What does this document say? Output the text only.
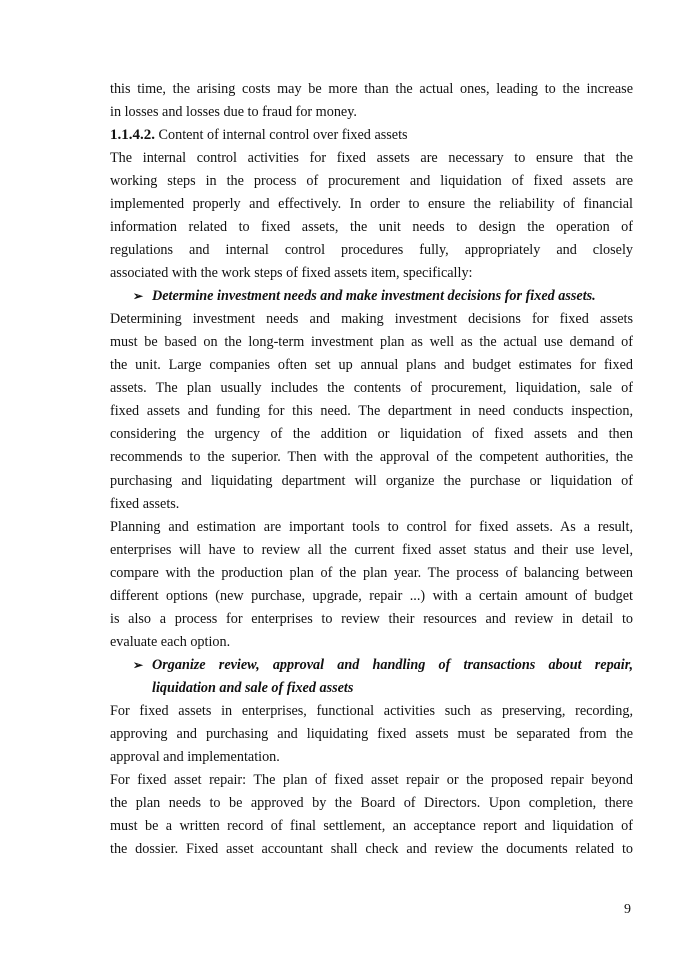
this time, the arising costs may be more than the actual ones, leading to the increase
in losses and losses due to fraud for money.
1.1.4.2. Content of internal control over fixed assets
The internal control activities for fixed assets are necessary to ensure that the
working steps in the process of procurement and liquidation of fixed assets are
implemented properly and effectively. In order to ensure the reliability of financial
information related to fixed assets, the unit needs to design the operation of
regulations and internal control procedures fully, appropriately and closely
associated with the work steps of fixed assets item, specifically:
➢ Determine investment needs and make investment decisions for fixed assets.
Determining investment needs and making investment decisions for fixed assets
must be based on the long-term investment plan as well as the actual use demand of
the unit. Large companies often set up annual plans and budget estimates for fixed
assets. The plan usually includes the contents of procurement, liquidation, sale of
fixed assets and funding for this need. The department in need conducts inspection,
considering the urgency of the addition or liquidation of fixed assets and then
recommends to the superior. Then with the approval of the competent authorities, the
purchasing and liquidating department will organize the purchase or liquidation of
fixed assets.
Planning and estimation are important tools to control for fixed assets. As a result,
enterprises will have to review all the current fixed asset status and their use level,
compare with the production plan of the plan year. The process of balancing between
different options (new purchase, upgrade, repair ...) with a certain amount of budget
is also a process for enterprises to review their resources and review in detail to
evaluate each option.
➢ Organize review, approval and handling of transactions about repair,
liquidation and sale of fixed assets
For fixed assets in enterprises, functional activities such as preserving, recording,
approving and purchasing and liquidating fixed assets must be separated from the
approval and implementation.
For fixed asset repair: The plan of fixed asset repair or the proposed repair beyond
the plan needs to be approved by the Board of Directors. Upon completion, there
must be a written record of final settlement, an acceptance report and liquidation of
the dossier. Fixed asset accountant shall check and review the documents related to
9
